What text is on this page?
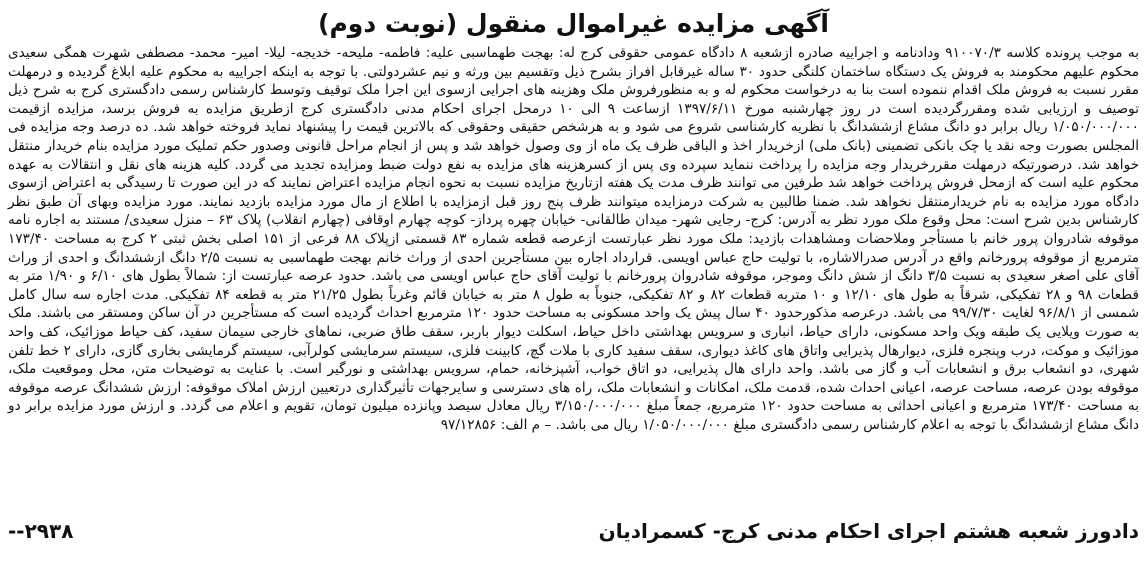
آگهی مزایده غیراموال منقول (نوبت دوم)

به موجب پرونده کلاسه ۹۱۰۰۷۰/۳ ودادنامه و اجراییه صادره ازشعبه ۸ دادگاه عمومی حقوقی کرج له: بهجت طهماسبی علیه: فاطمه- ملیحه- خدیجه- لیلا- امیر- محمد- مصطفی شهرت همگی سعیدی محکوم علیهم محکومند به فروش یک دستگاه ساختمان کلنگی حدود ۳۰ ساله غیرقابل افراز بشرح ذیل وتقسیم بین ورثه و نیم عشردولتی. با توجه به اینکه اجراییه به محکوم علیه ابلاغ گردیده و درمهلت مقرر نسبت به فروش ملک اقدام ننموده است بنا به درخواست محکوم له و به منظورفروش ملک وهزینه های اجرایی ازسوی این اجرا ملک توقیف وتوسط کارشناس رسمی دادگستری کرج به شرح ذیل توصیف و ارزیابی شده ومقررگردیده است در روز چهارشنبه مورخ ۱۳۹۷/۶/۱۱ ازساعت ۹ الی ۱۰ درمحل اجرای احکام مدنی دادگستری کرج ازطریق مزایده به فروش برسد، مزایده ازقیمت ۱/۰۵۰/۰۰۰/۰۰۰ ریال برابر دو دانگ مشاع ازششدانگ با نظریه کارشناسی شروع می شود و به هرشخص حقیقی وحقوقی که بالاترین قیمت را پیشنهاد نماید فروخته خواهد شد. ده درصد وجه مزایده فی المجلس بصورت وجه نقد یا چک بانکی تضمینی (بانک ملی) ازخریدار اخذ و الباقی ظرف یک ماه از وی وصول خواهد شد و پس از انجام مراحل قانونی وصدور حکم تملیک مورد مزایده بنام خریدار منتقل خواهد شد. درصورتیکه درمهلت مقررخریدار وجه مزایده را پرداخت ننماید سپرده وی پس از کسرهزینه های مزایده به نفع دولت ضبط ومزایده تجدید می گردد. کلیه هزینه های نقل و انتقالات به عهده محکوم علیه است که ازمحل فروش پرداخت خواهد شد طرفین می توانند ظرف مدت یک هفته ازتاریخ مزایده نسبت به نحوه انجام مزایده اعتراض نمایند که در این صورت تا رسیدگی به اعتراض ازسوی دادگاه مورد مزایده به نام خریدارمنتقل نخواهد شد. ضمنا طالبین به شرکت درمزایده میتوانند ظرف پنج روز قبل ازمزایده با اطلاع از مال مورد مزایده بازدید نمایند. مورد مزایده وبهای آن طبق نظر کارشناس بدین شرح است: محل وقوع ملک مورد نظر به آدرس: کرج- رجایی شهر- میدان طالقانی- خیابان چهره پرداز- کوچه چهارم اوقافی (چهارم انقلاب) پلاک ۶۳ – منزل سعیدی/ مستند به اجاره نامه موقوفه شادروان پرور خانم با مستأجر وملاحضات ومشاهدات بازدید: ملک مورد نظر عبارتست ازعرصه قطعه شماره ۸۳ قسمتی ازپلاک ۸۸ فرعی از ۱۵۱ اصلی بخش ثبتی ۲ کرج به مساحت ۱۷۳/۴۰ مترمربع از موقوفه پرورخانم واقع در آدرس صدرالاشاره، با تولیت حاج عباس اویسی. قرارداد اجاره بین مستأجرین احدی از وراث خانم بهجت طهماسبی به نسبت ۲/۵ دانگ ازششدانگ و احدی از وراث آقای علی اصغر سعیدی به نسبت ۳/۵ دانگ از شش دانگ وموجر، موقوفه شادروان پرورخانم با تولیت آقای حاج عباس اویسی می باشد. حدود عرصه عبارتست از: شمالاً بطول های ۶/۱۰ و ۱/۹۰ متر به قطعات ۹۸ و ۲۸ تفکیکی، شرقاً به طول های ۱۲/۱۰ و ۱۰ متربه قطعات ۸۲ و ۸۲ تفکیکی، جنوباً به طول ۸ متر به خیابان قائم وغرباً بطول ۲۱/۲۵ متر به قطعه ۸۴ تفکیکی. مدت اجاره سه سال کامل شمسی از ۹۶/۸/۱ لغایت ۹۹/۷/۳۰ می باشد. درعرصه مذکورحدود ۴۰ سال پیش یک واحد مسکونی به مساحت حدود ۱۲۰ مترمربع احداث گردیده است که مستأجرین در آن ساکن ومستقر می باشند. ملک به صورت ویلایی یک طبقه ویک واحد مسکونی، دارای حیاط، انباری و سرویس بهداشتی داخل حیاط، اسکلت دیوار باربر، سقف طاق ضربی، نماهای خارجی سیمان سفید، کف حیاط موزائیک، کف واحد موزائیک و موکت، درب وپنجره فلزی، دیوارهال پذیرایی واتاق های کاغذ دیواری، سقف سفید کاری با ملات گچ، کابینت فلزی، سیستم سرمایشی کولرآبی، سیستم گرمایشی بخاری گازی، دارای ۲ خط تلفن شهری، دو انشعاب برق و انشعابات آب و گاز می باشد. واحد دارای هال پذیرایی، دو اتاق خواب، آشپزخانه، حمام، سرویس بهداشتی و نورگیر است. با عنایت به توضیحات متن، محل وموقعیت ملک، موقوفه بودن عرصه، مساحت عرصه، اعیانی احداث شده، قدمت ملک، امکانات و انشعابات ملک، راه های دسترسی و سایرجهات تأثیرگذاری درتعیین ارزش املاک موقوفه: ارزش ششدانگ عرصه موقوفه به مساحت ۱۷۳/۴۰ مترمربع و اعیانی احداثی به مساحت حدود ۱۲۰ مترمربع، جمعاً مبلغ ۳/۱۵۰/۰۰۰/۰۰۰ ریال معادل سیصد وپانزده میلیون تومان، تقویم و اعلام می گردد. و ارزش مورد مزایده برابر دو دانگ مشاع ازششدانگ با توجه به اعلام کارشناس رسمی دادگستری مبلغ ۱/۰۵۰/۰۰۰/۰۰۰ ریال می باشد. – م الف: ۹۷/۱۲۸۵۶

دادورز شعبه هشتم اجرای احکام مدنی کرج- کسمرادیان
--۲۹۳۸
